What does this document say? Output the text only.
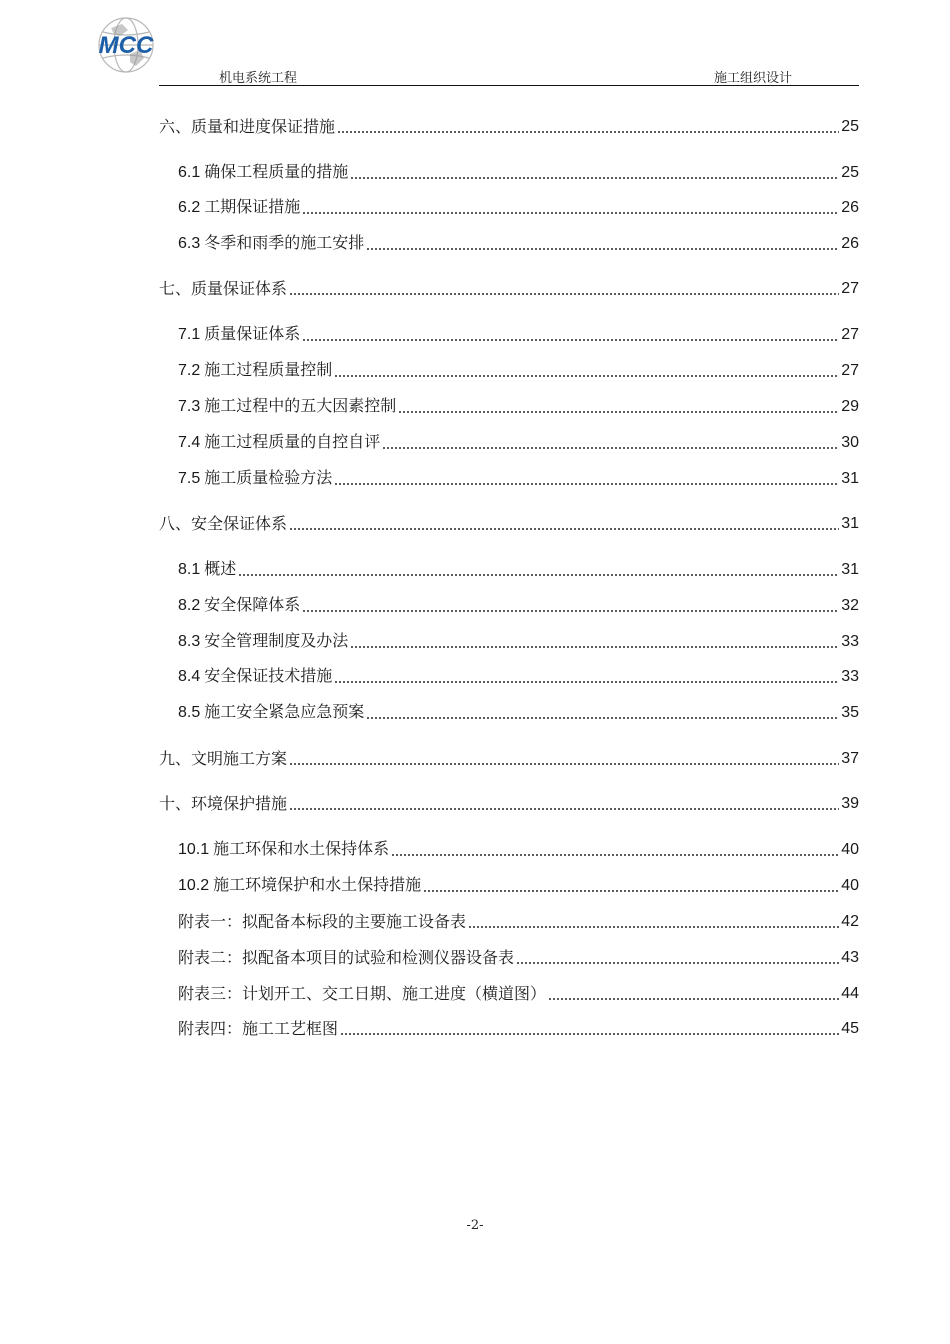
MCC
机电系统工程	施工组织设计
六、质量和进度保证措施	25
6.1 确保工程质量的措施	25
6.2 工期保证措施	26
6.3 冬季和雨季的施工安排	26
七、质量保证体系	27
7.1 质量保证体系	27
7.2 施工过程质量控制	27
7.3 施工过程中的五大因素控制	29
7.4 施工过程质量的自控自评	30
7.5 施工质量检验方法	31
八、安全保证体系	31
8.1 概述	31
8.2 安全保障体系	32
8.3 安全管理制度及办法	33
8.4 安全保证技术措施	33
8.5 施工安全紧急应急预案	35
九、文明施工方案	37
十、环境保护措施	39
10.1 施工环保和水土保持体系	40
10.2 施工环境保护和水土保持措施	40
附表一：拟配备本标段的主要施工设备表	42
附表二：拟配备本项目的试验和检测仪器设备表	43
附表三：计划开工、交工日期、施工进度（横道图）	44
附表四：施工工艺框图	45
-2-
